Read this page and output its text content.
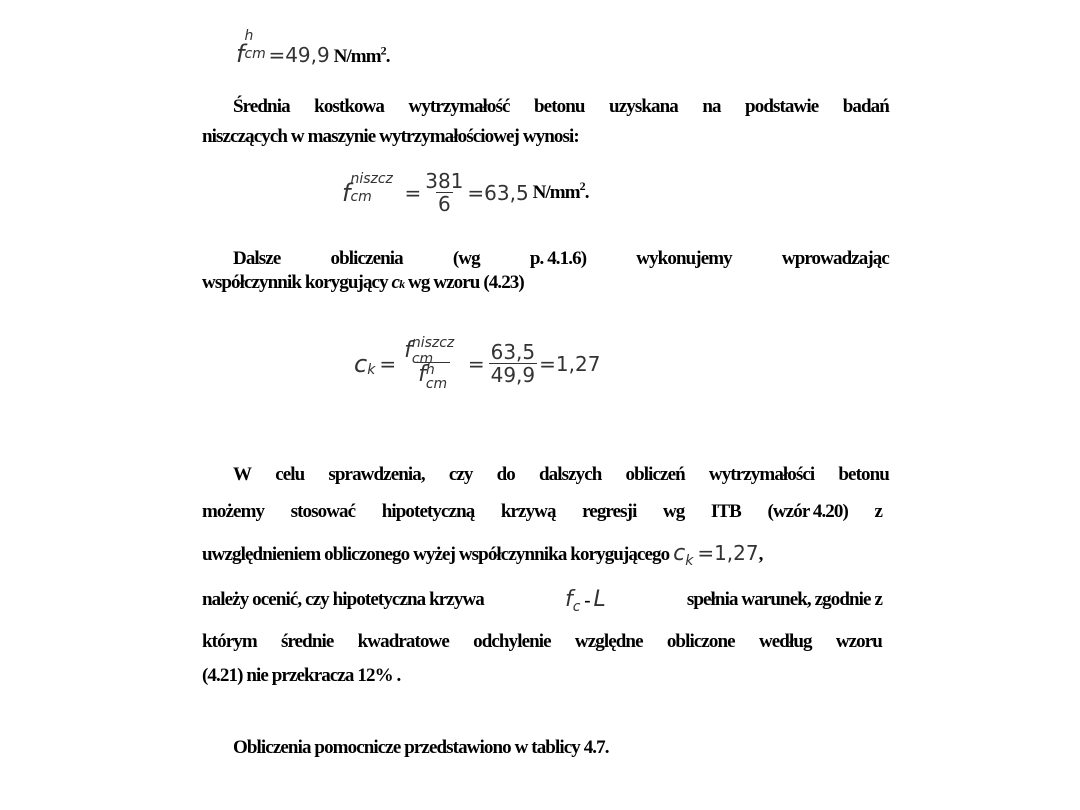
f
h
cm =49,9 $N/mm^2$.
Średnia kostkowa wytrzymałość betonu uzyskana na podstawie badań
niszczących w maszynie wytrzymałościowej wynosi:
f niszcz
cm = $\frac{381}{6} =63,5$
$N/mm^2$ .
Dalsze	obliczenia	(wg	p. 4.1.6)	wykonujemy	wprowadzając
współczynnik korygujący ck wg wzoru (4.23)
c k = f niszcz
cm
f h
cm = $\frac{63,5}{49,9} =1,27$
W celu sprawdzenia, czy do dalszych obliczeń wytrzymałości betonu
możemy stosować hipotetyczną krzywą regresji wg ITB (wzór 4.20) z
uwzględnieniem obliczonego wyżej współczynnika korygującego $c_k =1,27$,
należy ocenić, czy hipotetyczna krzywa	$f_c$ - L	spełnia warunek, zgodnie z
którym średnie kwadratowe odchylenie względne obliczone według wzoru
(4.21) nie przekracza 12% .
Obliczenia pomocnicze przedstawiono w tablicy 4.7.
